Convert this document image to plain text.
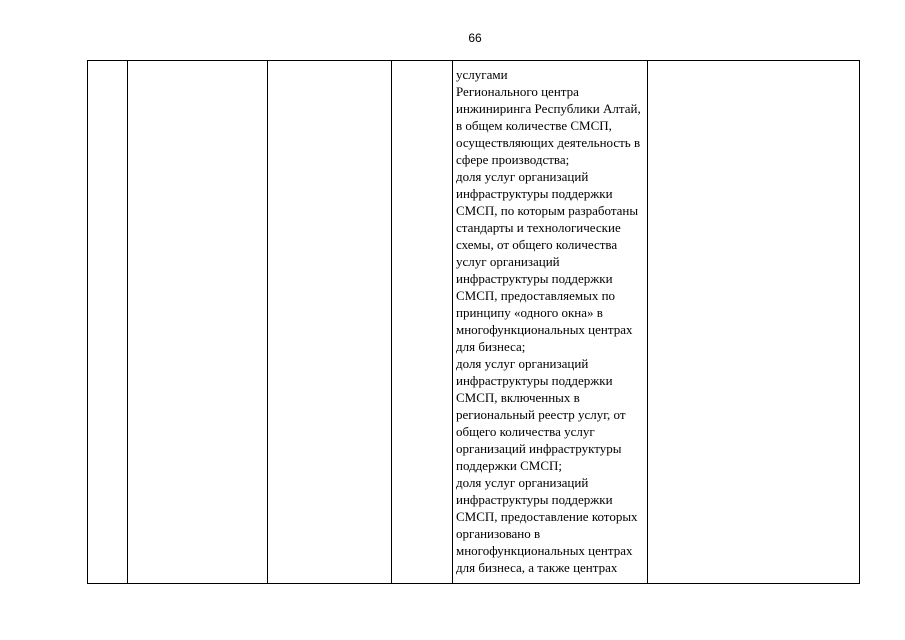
66
услугами
Регионального центра
инжиниринга Республики Алтай,
в общем количестве СМСП,
осуществляющих деятельность в
сфере производства;
доля услуг организаций
инфраструктуры поддержки
СМСП, по которым разработаны
стандарты и технологические
схемы, от общего количества
услуг организаций
инфраструктуры поддержки
СМСП, предоставляемых по
принципу «одного окна» в
многофункциональных центрах
для бизнеса;
доля услуг организаций
инфраструктуры поддержки
СМСП, включенных в
региональный реестр услуг, от
общего количества услуг
организаций инфраструктуры
поддержки СМСП;
доля услуг организаций
инфраструктуры поддержки
СМСП, предоставление которых
организовано в
многофункциональных центрах
для бизнеса, а также центрах
